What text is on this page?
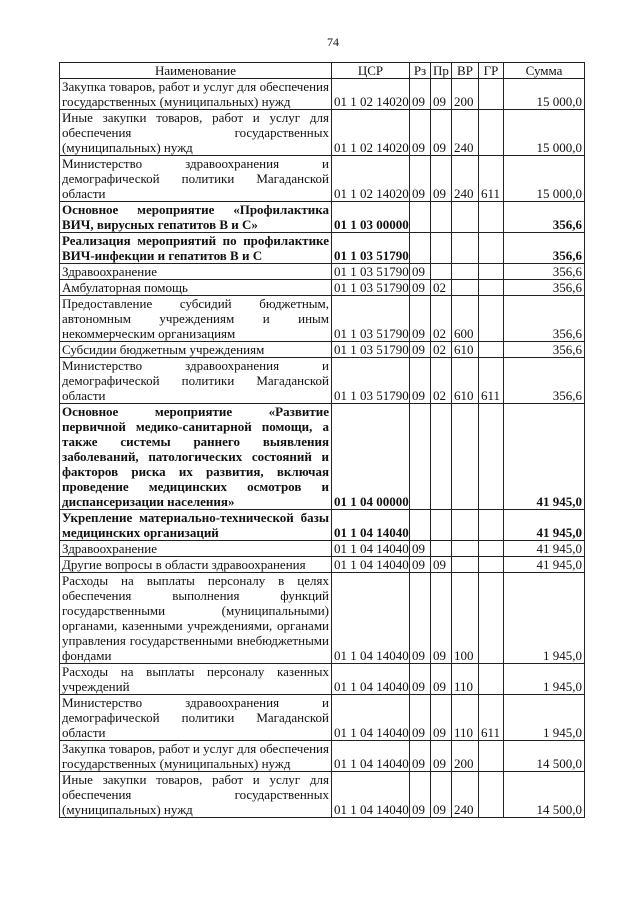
74
Наименование	ЦСР	Рз	Пр	ВР	ГР	Сумма
Закупка товаров, работ и услуг для обеспечения государственных (муниципальных) нужд	01 1 02 14020	09	09	200		15 000,0
Иные закупки товаров, работ и услуг для обеспечения государственных (муниципальных) нужд	01 1 02 14020	09	09	240		15 000,0
Министерство здравоохранения и демографической политики Магаданской области	01 1 02 14020	09	09	240	611	15 000,0
Основное мероприятие «Профилактика ВИЧ, вирусных гепатитов В и С»	01 1 03 00000					356,6
Реализация мероприятий по профилактике ВИЧ-инфекции и гепатитов В и С	01 1 03 51790					356,6
Здравоохранение	01 1 03 51790	09				356,6
Амбулаторная помощь	01 1 03 51790	09	02			356,6
Предоставление субсидий бюджетным, автономным учреждениям и иным некоммерческим организациям	01 1 03 51790	09	02	600		356,6
Субсидии бюджетным учреждениям	01 1 03 51790	09	02	610		356,6
Министерство здравоохранения и демографической политики Магаданской области	01 1 03 51790	09	02	610	611	356,6
Основное мероприятие «Развитие первичной медико-санитарной помощи, а также системы раннего выявления заболеваний, патологических состояний и факторов риска их развития, включая проведение медицинских осмотров и диспансеризации населения»	01 1 04 00000					41 945,0
Укрепление материально-технической базы медицинских организаций	01 1 04 14040					41 945,0
Здравоохранение	01 1 04 14040	09				41 945,0
Другие вопросы в области здравоохранения	01 1 04 14040	09	09			41 945,0
Расходы на выплаты персоналу в целях обеспечения выполнения функций государственными (муниципальными) органами, казенными учреждениями, органами управления государственными внебюджетными фондами	01 1 04 14040	09	09	100		1 945,0
Расходы на выплаты персоналу казенных учреждений	01 1 04 14040	09	09	110		1 945,0
Министерство здравоохранения и демографической политики Магаданской области	01 1 04 14040	09	09	110	611	1 945,0
Закупка товаров, работ и услуг для обеспечения государственных (муниципальных) нужд	01 1 04 14040	09	09	200		14 500,0
Иные закупки товаров, работ и услуг для обеспечения государственных (муниципальных) нужд	01 1 04 14040	09	09	240		14 500,0
